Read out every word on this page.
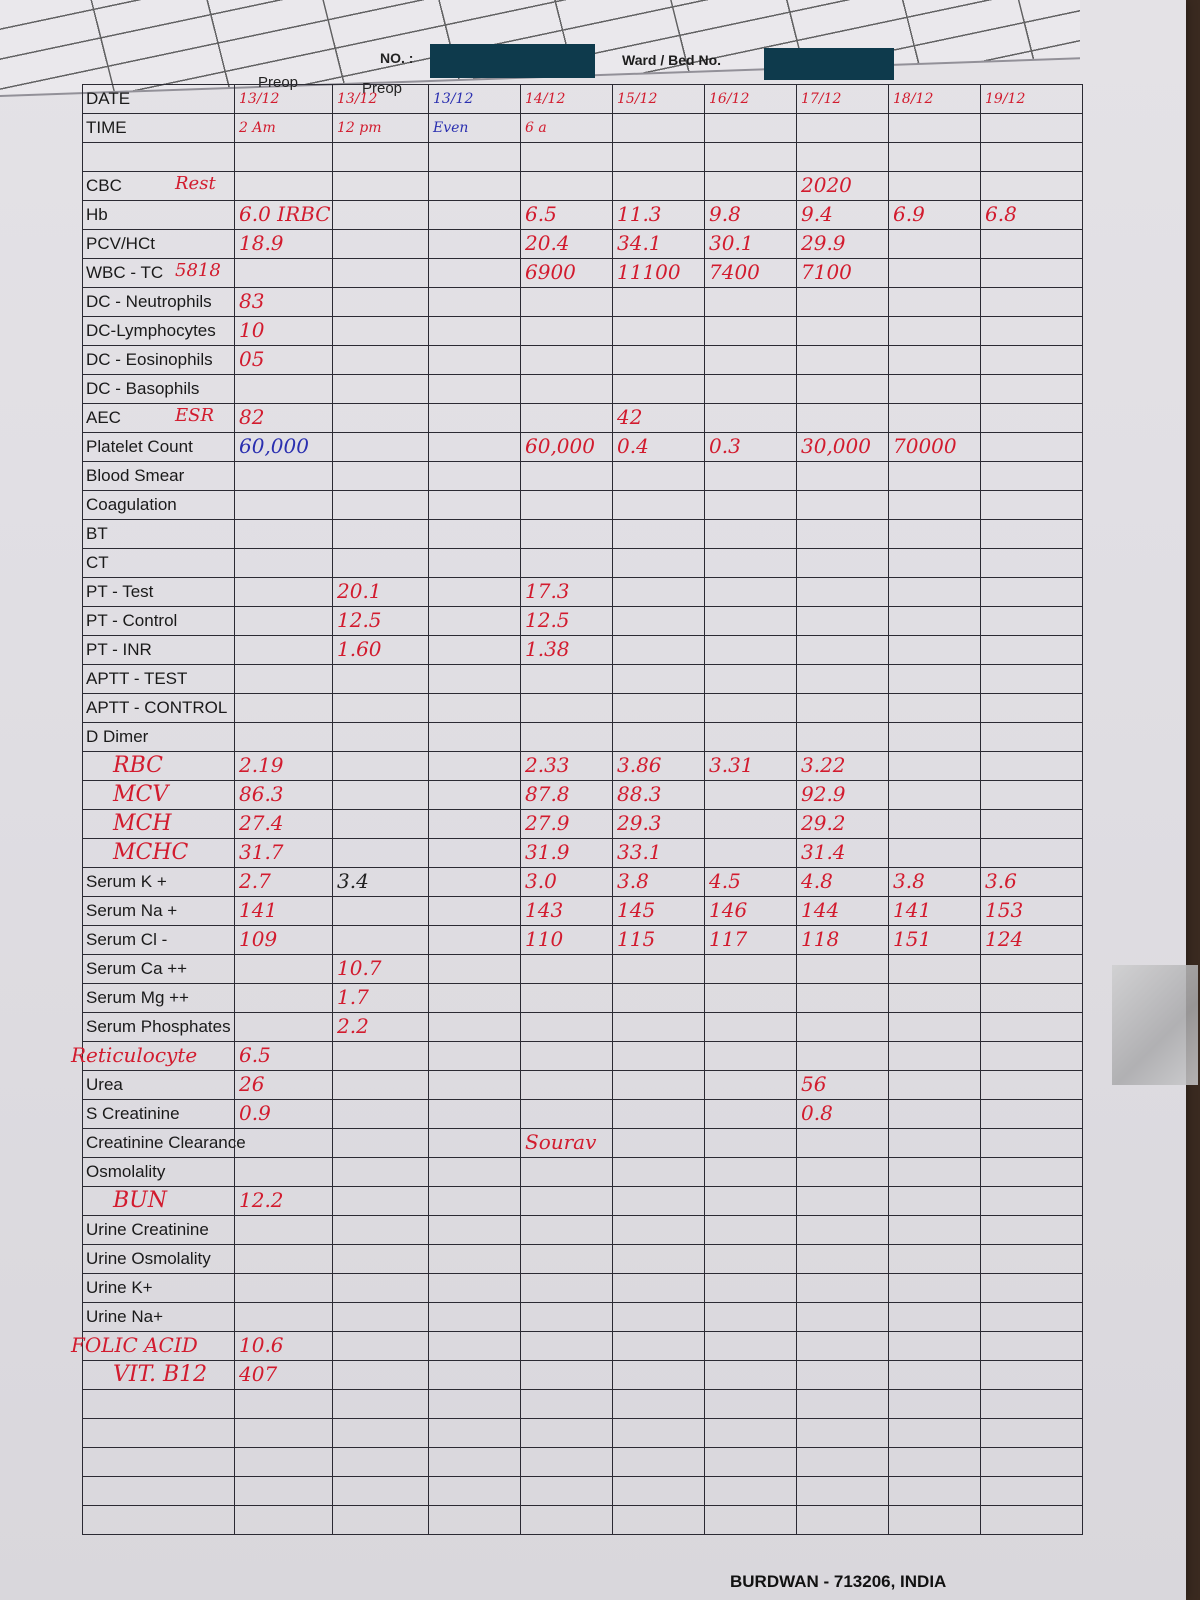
NO. :	Ward / Bed No.
Preop	Preop
DATE	13/12	13/12	13/12	14/12	15/12	16/12	17/12	18/12	19/12

TIME	2 Am	12 pm	Even	6 a					

CBC Rest							2020		

Hb	6.0 IRBC			6.5	11.3	9.8	9.4	6.9	6.8

PCV/HCt	18.9			20.4	34.1	30.1	29.9		

WBC - TC 5818				6900	11100	7400	7100		

DC - Neutrophils	83								

DC-Lymphocytes	10								

DC - Eosinophils	05								

DC - Basophils									
AEC ESR	82				42				

Platelet Count	60,000			60,000	0.4	0.3	30,000	70000	

Blood Smear									
Coagulation									
BT									
CT									
PT - Test		20.1		17.3					

PT - Control		12.5		12.5					

PT - INR		1.60		1.38					

APTT - TEST									
APTT - CONTROL									
D Dimer									

RBC	2.19			2.33	3.86	3.31	3.22		

MCV	86.3			87.8	88.3		92.9		

MCH	27.4			27.9	29.3		29.2		

MCHC	31.7			31.9	33.1		31.4		

Serum K +	2.7	3.4		3.0	3.8	4.5	4.8	3.8	3.6

Serum Na +	141			143	145	146	144	141	153

Serum Cl -	109			110	115	117	118	151	124

Serum Ca ++		10.7							

Serum Mg ++		1.7							

Serum Phosphates		2.2							

Reticulocyte	6.5								

Urea	26						56		

S Creatinine	0.9						0.8		

Creatinine Clearance				Sourav					

Osmolality									

BUN	12.2								

Urine Creatinine									
Urine Osmolality									
Urine K+									
Urine Na+									

FOLIC ACID	10.6								

VIT. B12	407								

BURDWAN - 713206, INDIA
